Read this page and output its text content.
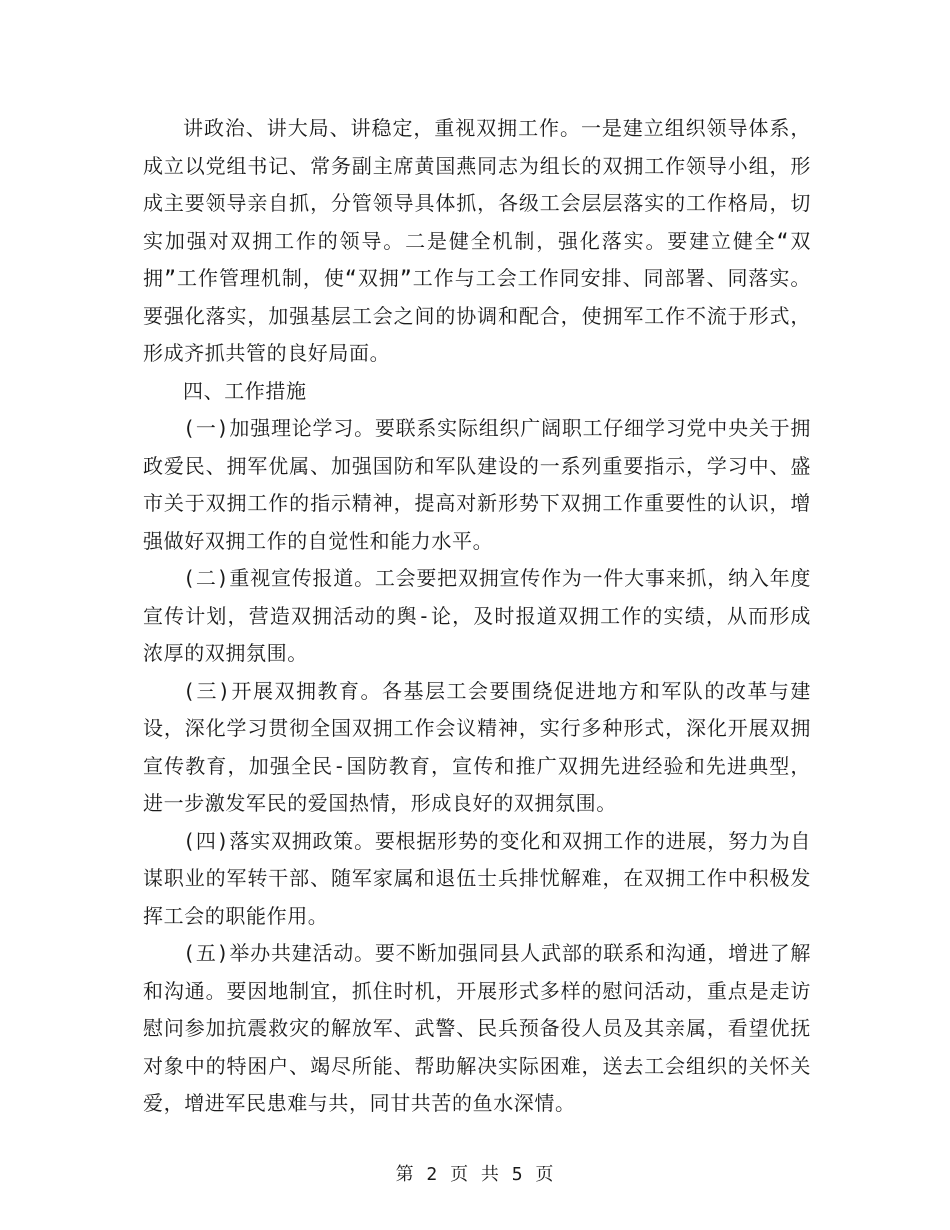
讲政治、讲大局、讲稳定，重视双拥工作。一是建立组织领导体系，成立以党组书记、常务副主席黄国燕同志为组长的双拥工作领导小组，形成主要领导亲自抓，分管领导具体抓，各级工会层层落实的工作格局，切实加强对双拥工作的领导。二是健全机制，强化落实。要建立健全“双拥”工作管理机制，使“双拥”工作与工会工作同安排、同部署、同落实。要强化落实，加强基层工会之间的协调和配合，使拥军工作不流于形式，形成齐抓共管的良好局面。

四、工作措施

(一)加强理论学习。要联系实际组织广阔职工仔细学习党中央关于拥政爱民、拥军优属、加强国防和军队建设的一系列重要指示，学习中、盛市关于双拥工作的指示精神，提高对新形势下双拥工作重要性的认识，增强做好双拥工作的自觉性和能力水平。

(二)重视宣传报道。工会要把双拥宣传作为一件大事来抓，纳入年度宣传计划，营造双拥活动的舆-论，及时报道双拥工作的实绩，从而形成浓厚的双拥氛围。

(三)开展双拥教育。各基层工会要围绕促进地方和军队的改革与建设，深化学习贯彻全国双拥工作会议精神，实行多种形式，深化开展双拥宣传教育，加强全民-国防教育，宣传和推广双拥先进经验和先进典型，进一步激发军民的爱国热情，形成良好的双拥氛围。

(四)落实双拥政策。要根据形势的变化和双拥工作的进展，努力为自谋职业的军转干部、随军家属和退伍士兵排忧解难，在双拥工作中积极发挥工会的职能作用。

(五)举办共建活动。要不断加强同县人武部的联系和沟通，增进了解和沟通。要因地制宜，抓住时机，开展形式多样的慰问活动，重点是走访慰问参加抗震救灾的解放军、武警、民兵预备役人员及其亲属，看望优抚对象中的特困户、竭尽所能、帮助解决实际困难，送去工会组织的关怀关爱，增进军民患难与共，同甘共苦的鱼水深情。

第 2 页 共 5 页
